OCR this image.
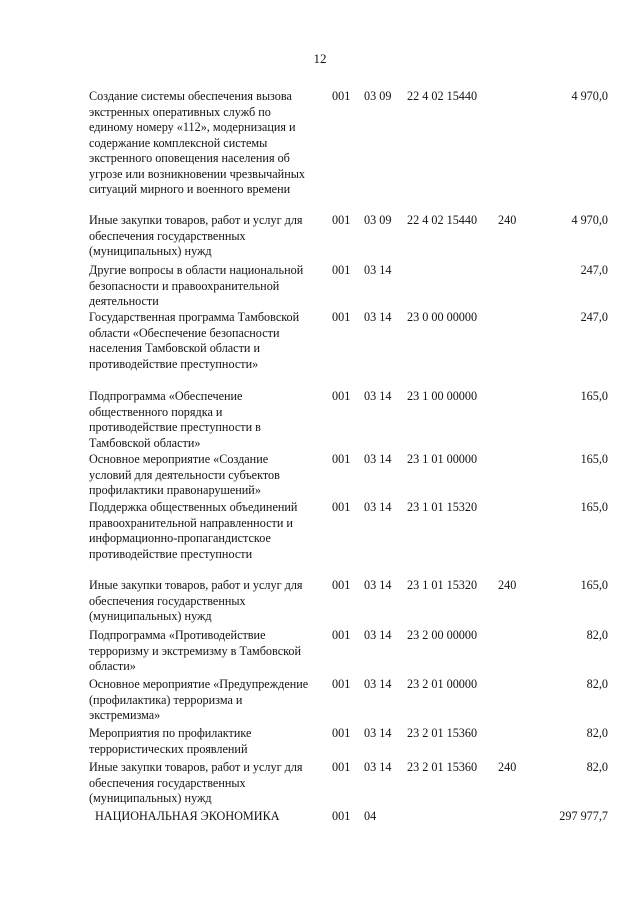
12
Создание системы обеспечения вызова экстренных оперативных служб по единому номеру «112», модернизация и содержание комплексной системы экстренного оповещения населения об угрозе или возникновении чрезвычайных ситуаций мирного и военного времени
001 03 09 22 4 02 15440	4 970,0
Иные закупки товаров, работ и услуг для обеспечения государственных (муниципальных) нужд
001 03 09 22 4 02 15440 240	4 970,0
Другие вопросы в области национальной безопасности и правоохранительной деятельности
001 03 14	247,0
Государственная программа Тамбовской области «Обеспечение безопасности населения Тамбовской области и противодействие преступности»
001 03 14 23 0 00 00000	247,0
Подпрограмма «Обеспечение общественного порядка и противодействие преступности в Тамбовской области»
001 03 14 23 1 00 00000	165,0
Основное мероприятие «Создание условий для деятельности субъектов профилактики правонарушений»
001 03 14 23 1 01 00000	165,0
Поддержка общественных объединений правоохранительной направленности и информационно-пропагандистское противодействие преступности
001 03 14 23 1 01 15320	165,0
Иные закупки товаров, работ и услуг для обеспечения государственных (муниципальных) нужд
001 03 14 23 1 01 15320 240	165,0
Подпрограмма «Противодействие терроризму и экстремизму в Тамбовской области»
001 03 14 23 2 00 00000	82,0
Основное мероприятие «Предупреждение (профилактика) терроризма и экстремизма»
001 03 14 23 2 01 00000	82,0
Мероприятия по профилактике террористических проявлений
001 03 14 23 2 01 15360	82,0
Иные закупки товаров, работ и услуг для обеспечения государственных (муниципальных) нужд
001 03 14 23 2 01 15360 240	82,0
НАЦИОНАЛЬНАЯ ЭКОНОМИКА	001 04	297 977,7
